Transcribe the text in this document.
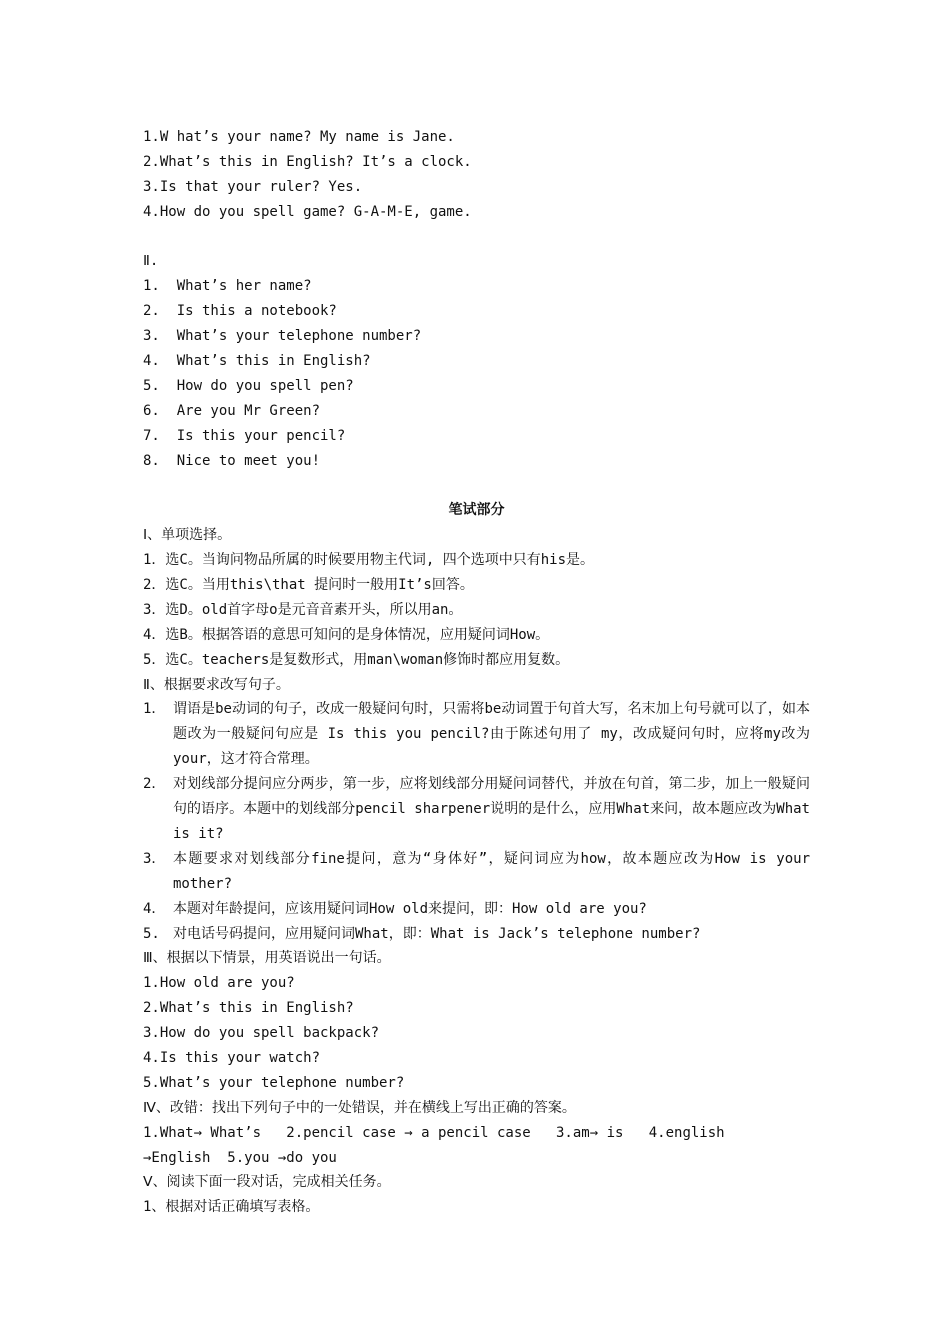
1.W hat’s your name? My name is Jane.
2.What’s this in English? It’s a clock.
3.Is that your ruler? Yes.
4.How do you spell game? G-A-M-E, game.

Ⅱ.
1.  What’s her name?
2.  Is this a notebook?
3.  What’s your telephone number?
4.  What’s this in English?
5.  How do you spell pen?
6.  Are you Mr Green?
7.  Is this your pencil?
8.  Nice to meet you!

笔试部分
Ⅰ、单项选择。
1．选C。当询问物品所属的时候要用物主代词, 四个选项中只有his是。
2．选C。当用this\that 提问时一般用It’s回答。
3．选D。old首字母o是元音音素开头，所以用an。
4．选B。根据答语的意思可知问的是身体情况，应用疑问词How。
5．选C。teachers是复数形式，用man\woman修饰时都应用复数。
Ⅱ、根据要求改写句子。
1． 谓语是be动词的句子，改成一般疑问句时，只需将be动词置于句首大写，名末加上句号就可以了，如本题改为一般疑问句应是 Is this you pencil?由于陈述句用了 my，改成疑问句时，应将my改为your，这才符合常理。
2． 对划线部分提问应分两步，第一步，应将划线部分用疑问词替代，并放在句首，第二步，加上一般疑问句的语序。本题中的划线部分pencil sharpener说明的是什么，应用What来问，故本题应改为What is it?
3． 本题要求对划线部分fine提问，意为“身体好”，疑问词应为how，故本题应改为How is your mother?
4． 本题对年龄提问，应该用疑问词How old来提问，即：How old are you?
5. 对电话号码提问，应用疑问词What，即：What is Jack’s telephone number?
Ⅲ、根据以下情景，用英语说出一句话。
1.How old are you?
2.What’s this in English?
3.How do you spell backpack?
4.Is this your watch?
5.What’s your telephone number?
Ⅳ、改错：找出下列句子中的一处错误，并在横线上写出正确的答案。
1.What→ What’s   2.pencil case → a pencil case   3.am→ is   4.english
→English  5.you →do you
Ⅴ、阅读下面一段对话，完成相关任务。
1、根据对话正确填写表格。
